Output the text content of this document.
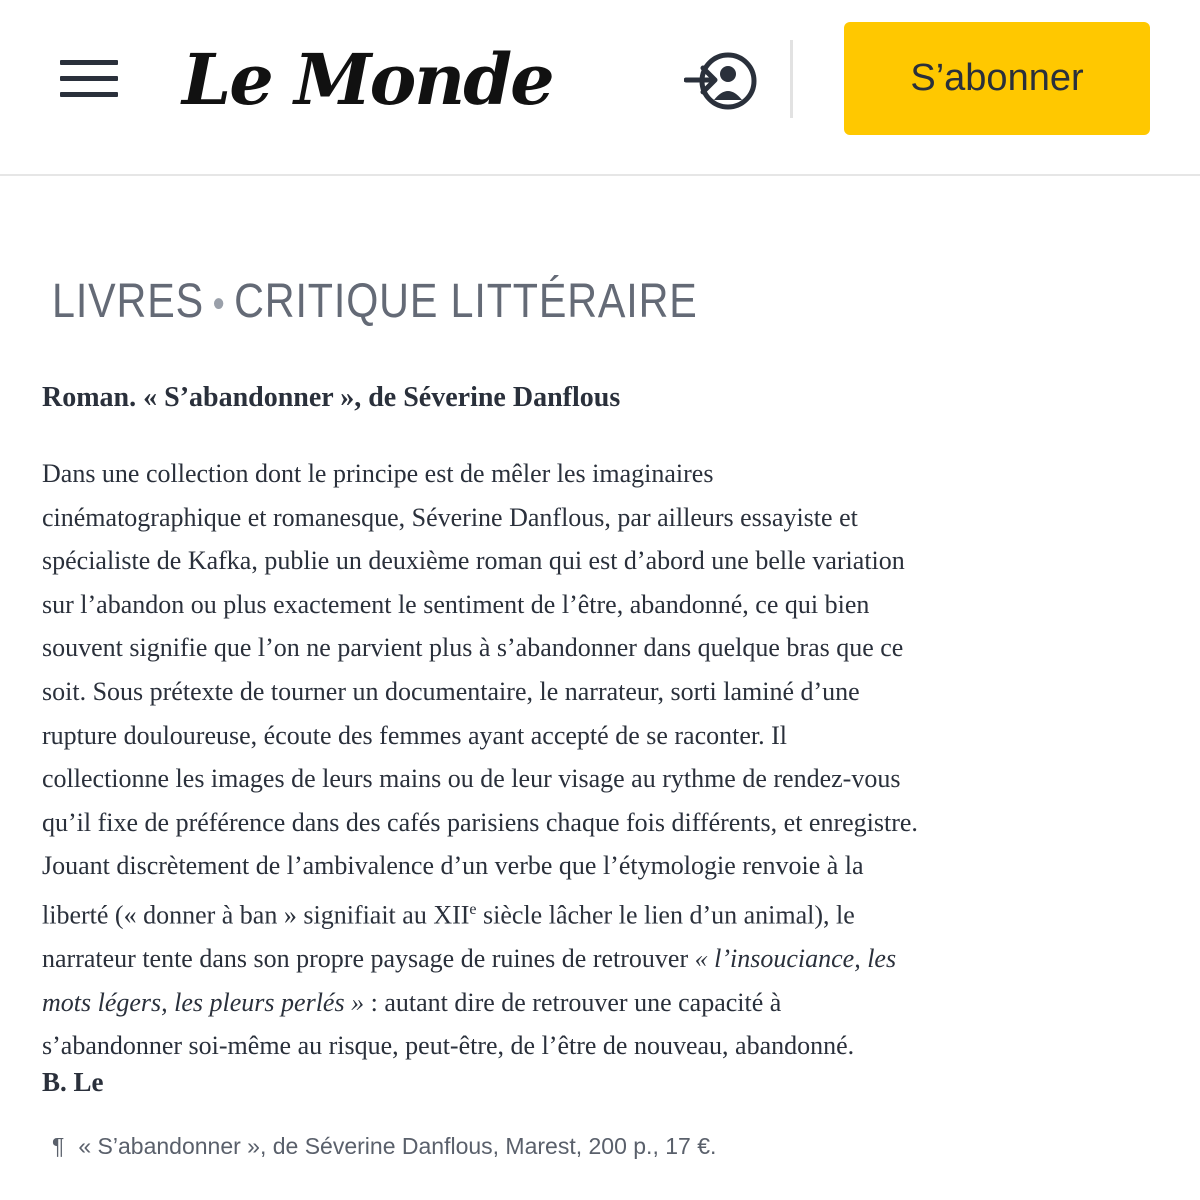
Le Monde	S’abonner
LIVRES • CRITIQUE LITTÉRAIRE
Roman. « S’abandonner », de Séverine Danflous
Dans une collection dont le principe est de mêler les imaginaires
cinématographique et romanesque, Séverine Danflous, par ailleurs essayiste et
spécialiste de Kafka, publie un deuxième roman qui est d’abord une belle variation
sur l’abandon ou plus exactement le sentiment de l’être, abandonné, ce qui bien
souvent signifie que l’on ne parvient plus à s’abandonner dans quelque bras que ce
soit. Sous prétexte de tourner un documentaire, le narrateur, sorti laminé d’une
rupture douloureuse, écoute des femmes ayant accepté de se raconter. Il
collectionne les images de leurs mains ou de leur visage au rythme de rendez-vous
qu’il fixe de préférence dans des cafés parisiens chaque fois différents, et enregistre.
Jouant discrètement de l’ambivalence d’un verbe que l’étymologie renvoie à la
liberté (« donner à ban » signifiait au XIIe siècle lâcher le lien d’un animal), le
narrateur tente dans son propre paysage de ruines de retrouver « l’insouciance, les
mots légers, les pleurs perlés » : autant dire de retrouver une capacité à
s’abandonner soi-même au risque, peut-être, de l’être de nouveau, abandonné.
B. Le
¶ « S’abandonner », de Séverine Danflous, Marest, 200 p., 17 €.
